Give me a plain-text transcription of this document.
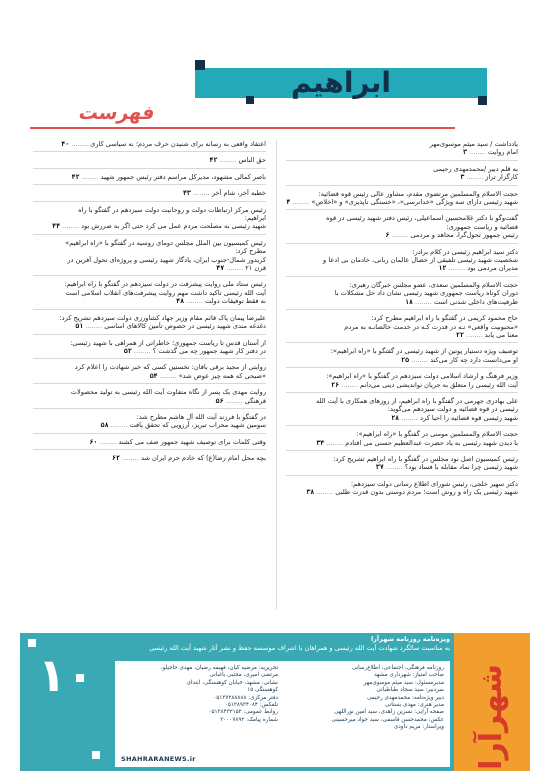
ابراهیم
فهرست
یادداشت / سید میثم موسوی‌مهر
امام روایت ........ ۳
به قلم دبیر /محمدمهدی رحیمی
کارگزار تراز ........ ۳
حجت الاسلام والمسلمین مرتضوی مقدم، مشاور عالی رئیس قوه قضائیه:
شهید رئیسی دارای سه ویژگی «خداترسی»، «خستگی ناپذیری» و «اخلاص» ........ ۴
گفت‌وگو با دکتر غلامحسین اسماعیلی، رئیس دفتر شهید رئیسی در قوه
قضائیه و ریاست جمهوری:
رئیس جمهور تحول‌گرا، مجاهد و مردمی ........ ۶
دکتر سید ابراهیم رئیسی در کلام برادر:
شخصیت شهید رئیسی تلفیقی از خصال عالمان ربانی، خادمان بی ادعا و
مدیران مردمی بود ........ ۱۲
حجت الاسلام والمسلمین سعدی، عضو مجلس خبرگان رهبری:
دوران کوتاه ریاست جمهوری شهید رئیسی نشان داد حل مشکلات با
ظرفیت‌های داخلی شدنی است ........ ۱۸
حاج محمود کریمی در گفتگو با راه ابراهیم مطرح کرد:
«محبوبیت واقعی» نـه در قدرت کـه در خدمت خالصانـه به مردم
معنا می یابد ........ ۲۲
توصیف ویژه دستیار پوتین از شهید رئیسی در گفتگو با «راه ابراهیم»:
او می‌دانست دارد چه کار می‌کند ........ ۲۵
وزیر فرهنگ و ارشاد اسلامی دولت سیزدهم در گفتگو با «راه ابراهیم»:
آیت الله رئیسی را متعلق به جریان نواندیشی دینی می‌دانم ........ ۲۶
علی بهادری جهرمی در گفتگو با راه ابراهیم، از روزهای همکاری با آیت الله
رئیسی در قوه قضائیه و دولت سیزدهم می‌گوید:
شهید رئیسی قوه قضائیه را احیا کرد ........ ۲۸
حجت الاسلام والمسلمین مومنی در گفتگو با «راه ابراهیم»:
با دیدن شهید رئیسی به یاد حضرت عبدالعظیم حسنی می افتادم ........ ۳۴
رئیس کمیسیون اصل نود مجلس در گفتگو با راه ابراهیم تشریح کرد:
شهید رئیسی چرا نماد مقابله با فساد بود؟ ........ ۳۷
دکتر سهیر خلجی، رئیس شورای اطلاع رسانی دولت سیزدهم:
شهید رئیسی یک راه و روش است؛ مردم دوستی بدون قدرت طلبی ........ ۳۸
اعتقاد واقعی به رسانه برای شنیدن حرف مردم؛ نه سیاسی کاری ........ ۴۰
حق الناس ........ ۴۲
ناصر کمالی مشهود، مدیرکل مراسم دفتر رئیس جمهور شهید ........ ۴۲
خطبه آخر، شام آخر ........ ۴۳
رئیس مرکز ارتباطات دولت و روحانیت دولت سیزدهم در گفتگو با راه
ابراهیم:
شهید رئیسی به مصلحت مردم عمل می کرد حتی اگر به ضررش بود ........ ۴۴
رئیس کمیسیون بین الملل مجلس دومای روسیه در گفتگو با «راه ابراهیم»
مطرح کرد:
کریدور شمال-جنوب ایران، یادگار شهید رئیسی و پروژه‌ای تحول آفرین در
قرن ۲۱ ........ ۴۷
رئیس ستاد ملی روایت پیشرفت در دولت سیزدهم در گفتگو با راه ابراهیم:
آیت الله رئیسی تاکید داشت مهم روایت پیشرفت‌های انقلاب اسلامی است
نه فقط توفیقات دولت ........ ۴۸
علیرضا پیمان پاک قائم مقام وزیر جهاد کشاورزی دولت سیزدهم تشریح کرد:
دغدغه مندی شهید رئیسی در خصوص تأمین کالاهای اساسی ........ ۵۱
از آستان قدس تا ریاست جمهوری؛ خاطراتی از همراهی با شهید رئیسی:
در دفتر کار شهید جمهور چه می گذشت ؟ ........ ۵۲
روایتی از مجید برقی بافان: نخستین کسی که خبر شهادت را اعلام کرد
«صبحی که همه چیز عوض شد» ........ ۵۴
روایت مهدی یک پسر از نگاه متفاوت آیت الله رئیسی به تولید محصولات
فرهنگی ........ ۵۶
در گفتگو با فرزند آیت الله آل هاشم مطرح شد:
سومین شهید محراب تبریز، آرزویی که تحقق یافت ........ ۵۸
وقتی کلمات برای توصیف شهید جمهور صف می کشند ........ ۶۰
بچه محل امام رضا(ع) که خادم حرم ایران شد ........ ۶۲
۱۰
ویژه‌نامه روزنامه شهرآرا
به مناسبت سالگرد شهادت آیت الله رئیسی و همراهان با اشراف موسسه حفظ و نشر آثار شهید آیت الله رئیسی
روزنامه فرهنگی، اجتماعی، اطلاع‌رسانی
صاحب امتیاز: شهرداری مشهد
مدیرمسئول: سید میثم موسوی‌مهر
سردبیر: سید سجاد طباطبائی
دبیر ویژه‌نامه: محمدمهدی رحیمی
مدیر هنری: مهدی بستانی
صفحه آرایی: نسرین زاهدی، سید امین نوراللهی
عکس: محمدحسن قاسمی، سید جواد میرحسینی
ویراستار: مریم داودی
تحریریه: مرضیه کیان، فهیمه رضیان، مهدی حاجیلو،
مرتضی امیری، مجتبی باغبانی
نشانی: مشهد، خیابان کوهسنگی، ابتدای
کوهسنگی ۱۵
دفتر مرکزی: ۰۵۱۳۷۲۸۸۸۸۸
تلفکس: ۰۵۱۳۸۹۳۴۰۸۴
روابط عمومی: ۰۵۱۳۸۴۳۲۱۵۲
شماره پیامک: ۳۰۰۰۷۸۹۲
SHAHRARANEWS.ir	شهرآرا
